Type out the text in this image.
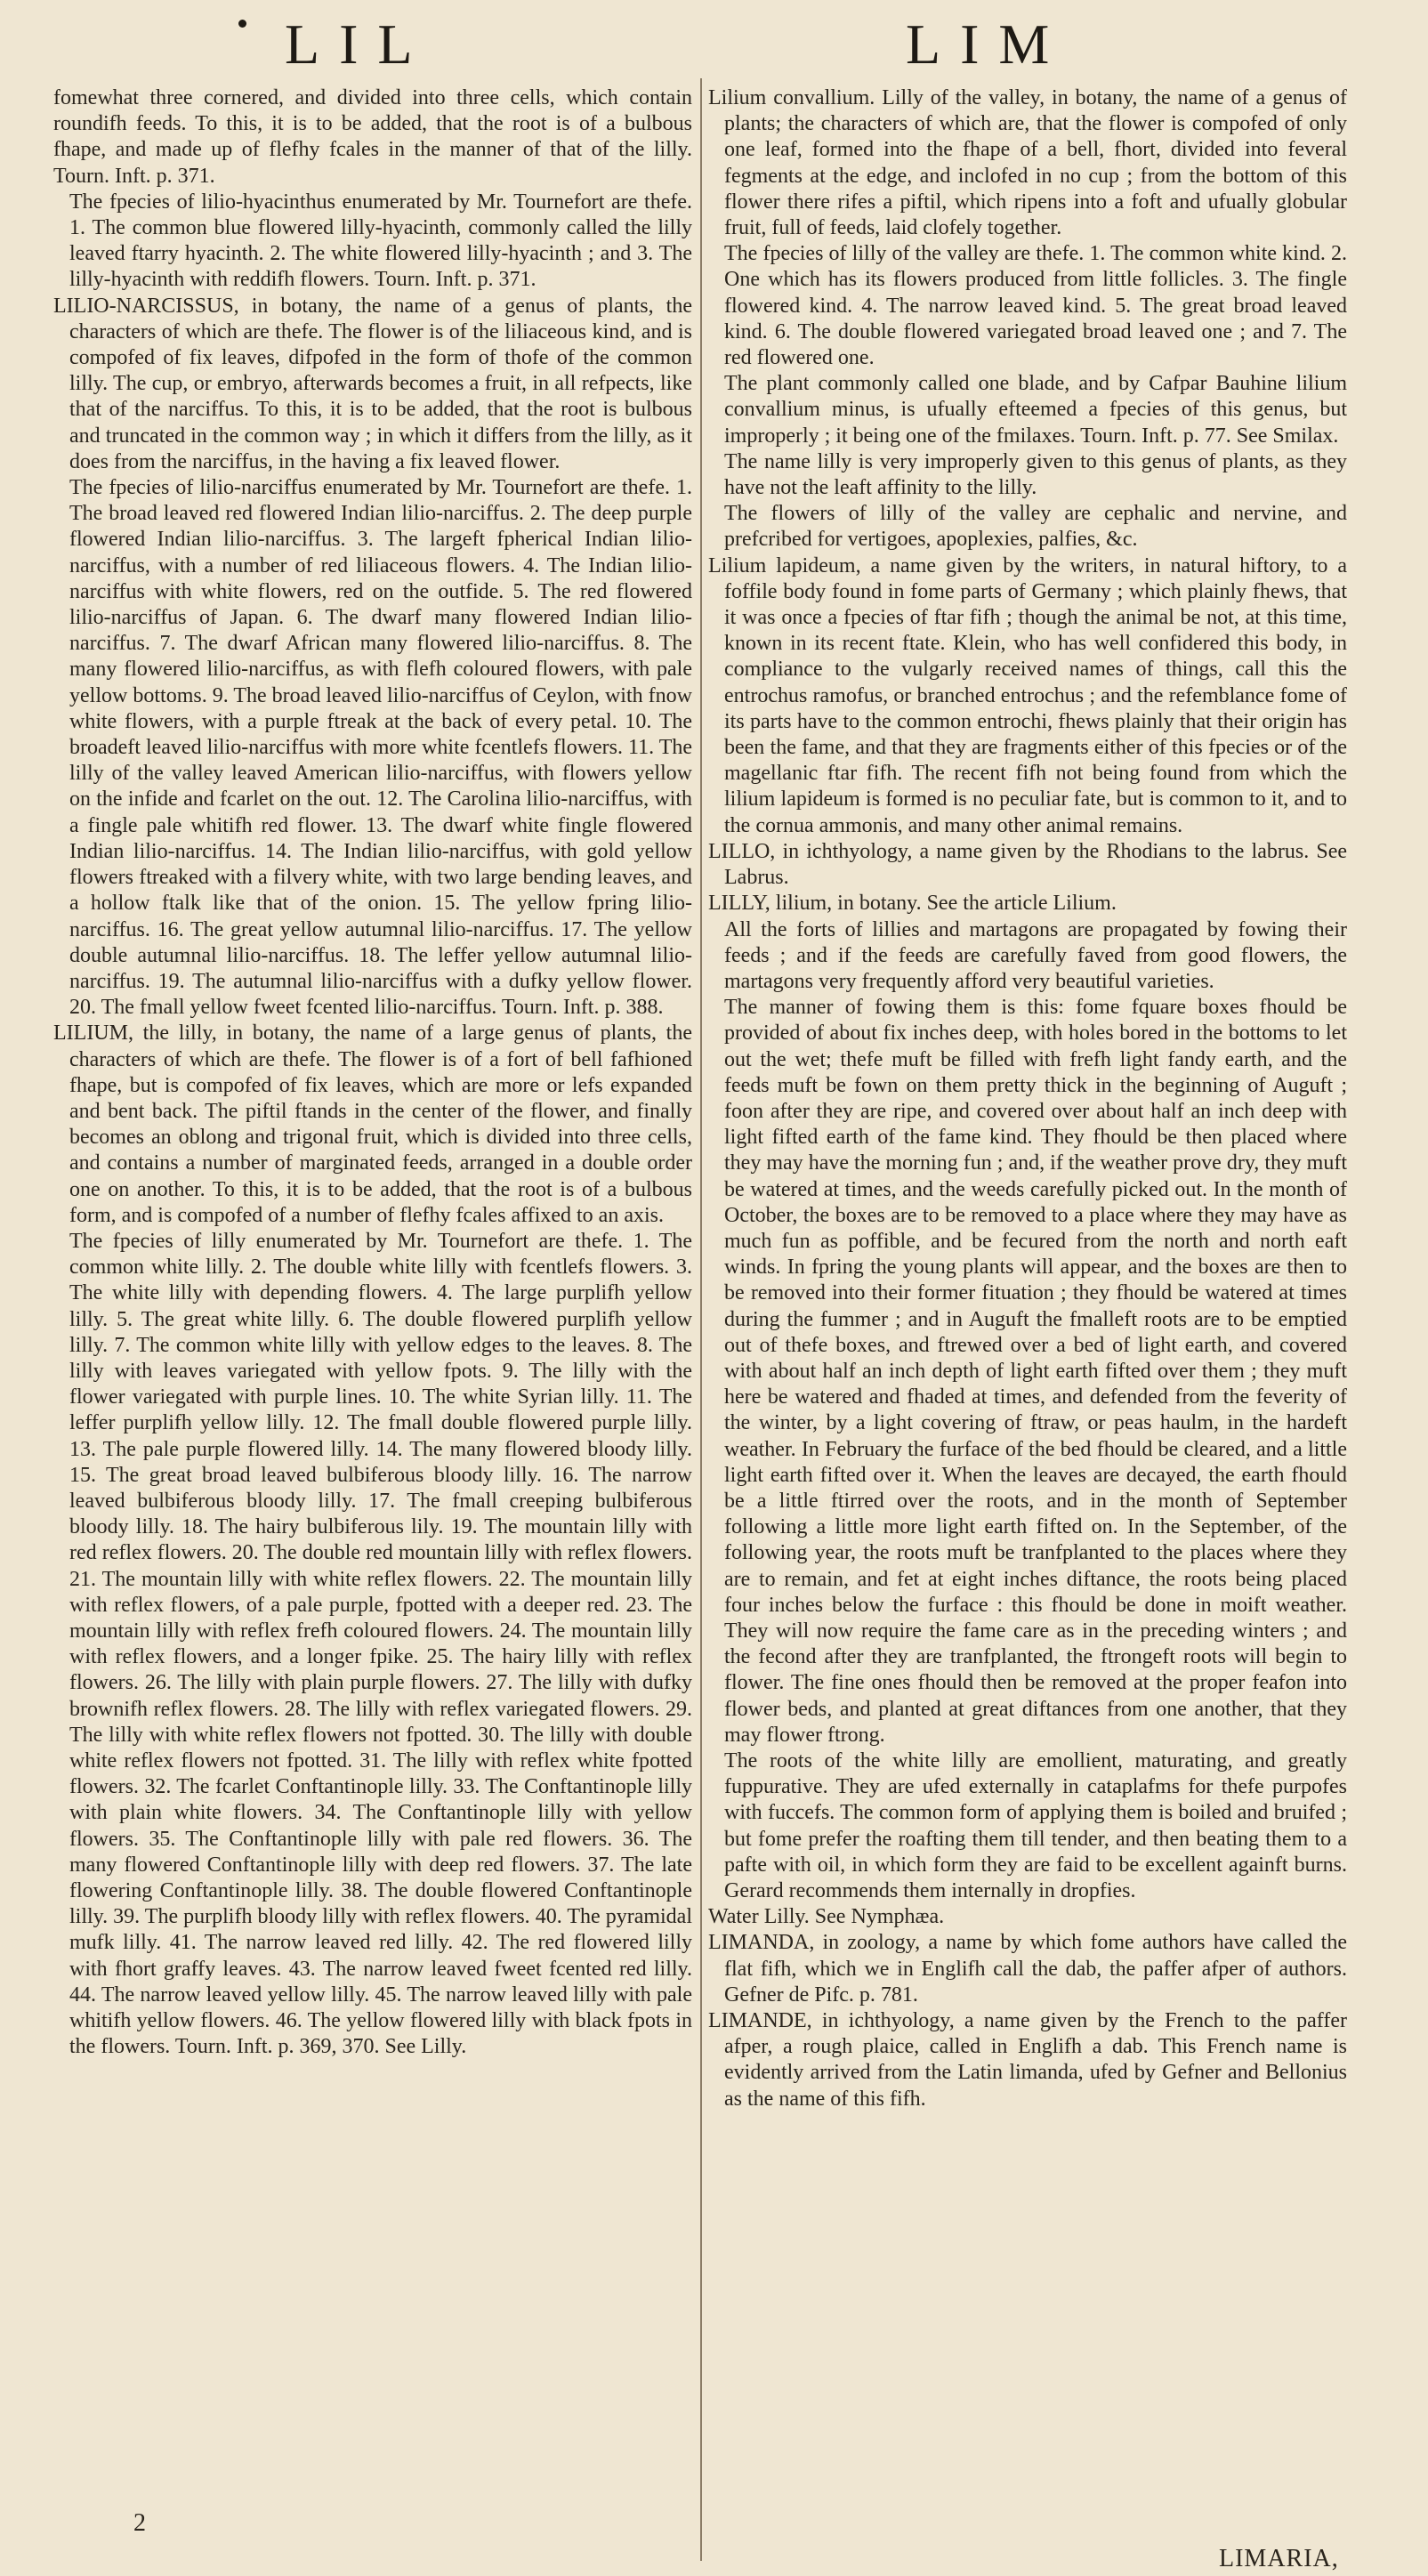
LIL	LIM

fomewhat three cornered, and divided into three cells, which contain roundifh feeds. To this, it is to be added, that the root is of a bulbous fhape, and made up of flefhy fcales in the manner of that of the lilly. Tourn. Inft. p. 371.

The fpecies of lilio-hyacinthus enumerated by Mr. Tournefort are thefe. 1. The common blue flowered lilly-hyacinth, commonly called the lilly leaved ftarry hyacinth. 2. The white flowered lilly-hyacinth ; and 3. The lilly-hyacinth with reddifh flowers. Tourn. Inft. p. 371.

LILIO-NARCISSUS, in botany, the name of a genus of plants, the characters of which are thefe. The flower is of the liliaceous kind, and is compofed of fix leaves, difpofed in the form of thofe of the common lilly. The cup, or embryo, afterwards becomes a fruit, in all refpects, like that of the narciffus. To this, it is to be added, that the root is bulbous and truncated in the common way ; in which it differs from the lilly, as it does from the narciffus, in the having a fix leaved flower.

The fpecies of lilio-narciffus enumerated by Mr. Tournefort are thefe. 1. The broad leaved red flowered Indian lilio-narciffus. 2. The deep purple flowered Indian lilio-narciffus. 3. The largeft fpherical Indian lilio-narciffus, with a number of red liliaceous flowers. 4. The Indian lilio-narciffus with white flowers, red on the outfide. 5. The red flowered lilio-narciffus of Japan. 6. The dwarf many flowered Indian lilio-narciffus. 7. The dwarf African many flowered lilio-narciffus. 8. The many flowered lilio-narciffus, as with flefh coloured flowers, with pale yellow bottoms. 9. The broad leaved lilio-narciffus of Ceylon, with fnow white flowers, with a purple ftreak at the back of every petal. 10. The broadeft leaved lilio-narciffus with more white fcentlefs flowers. 11. The lilly of the valley leaved American lilio-narciffus, with flowers yellow on the infide and fcarlet on the out. 12. The Carolina lilio-narciffus, with a fingle pale whitifh red flower. 13. The dwarf white fingle flowered Indian lilio-narciffus. 14. The Indian lilio-narciffus, with gold yellow flowers ftreaked with a filvery white, with two large bending leaves, and a hollow ftalk like that of the onion. 15. The yellow fpring lilio-narciffus. 16. The great yellow autumnal lilio-narciffus. 17. The yellow double autumnal lilio-narciffus. 18. The leffer yellow autumnal lilio-narciffus. 19. The autumnal lilio-narciffus with a dufky yellow flower. 20. The fmall yellow fweet fcented lilio-narciffus. Tourn. Inft. p. 388.

LILIUM, the lilly, in botany, the name of a large genus of plants, the characters of which are thefe. The flower is of a fort of bell fafhioned fhape, but is compofed of fix leaves, which are more or lefs expanded and bent back. The piftil ftands in the center of the flower, and finally becomes an oblong and trigonal fruit, which is divided into three cells, and contains a number of marginated feeds, arranged in a double order one on another. To this, it is to be added, that the root is of a bulbous form, and is compofed of a number of flefhy fcales affixed to an axis.

The fpecies of lilly enumerated by Mr. Tournefort are thefe. 1. The common white lilly. 2. The double white lilly with fcentlefs flowers. 3. The white lilly with depending flowers. 4. The large purplifh yellow lilly. 5. The great white lilly. 6. The double flowered purplifh yellow lilly. 7. The common white lilly with yellow edges to the leaves. 8. The lilly with leaves variegated with yellow fpots. 9. The lilly with the flower variegated with purple lines. 10. The white Syrian lilly. 11. The leffer purplifh yellow lilly. 12. The fmall double flowered purple lilly. 13. The pale purple flowered lilly. 14. The many flowered bloody lilly. 15. The great broad leaved bulbiferous bloody lilly. 16. The narrow leaved bulbiferous bloody lilly. 17. The fmall creeping bulbiferous bloody lilly. 18. The hairy bulbiferous lily. 19. The mountain lilly with red reflex flowers. 20. The double red mountain lilly with reflex flowers. 21. The mountain lilly with white reflex flowers. 22. The mountain lilly with reflex flowers, of a pale purple, fpotted with a deeper red. 23. The mountain lilly with reflex frefh coloured flowers. 24. The mountain lilly with reflex flowers, and a longer fpike. 25. The hairy lilly with reflex flowers. 26. The lilly with plain purple flowers. 27. The lilly with dufky brownifh reflex flowers. 28. The lilly with reflex variegated flowers. 29. The lilly with white reflex flowers not fpotted. 30. The lilly with double white reflex flowers not fpotted. 31. The lilly with reflex white fpotted flowers. 32. The fcarlet Conftantinople lilly. 33. The Conftantinople lilly with plain white flowers. 34. The Conftantinople lilly with yellow flowers. 35. The Conftantinople lilly with pale red flowers. 36. The many flowered Conftantinople lilly with deep red flowers. 37. The late flowering Conftantinople lilly. 38. The double flowered Conftantinople lilly. 39. The purplifh bloody lilly with reflex flowers. 40. The pyramidal mufk lilly. 41. The narrow leaved red lilly. 42. The red flowered lilly with fhort graffy leaves. 43. The narrow leaved fweet fcented red lilly. 44. The narrow leaved yellow lilly. 45. The narrow leaved lilly with pale whitifh yellow flowers. 46. The yellow flowered lilly with black fpots in the flowers. Tourn. Inft. p. 369, 370. See Lilly.

Lilium convallium. Lilly of the valley, in botany, the name of a genus of plants; the characters of which are, that the flower is compofed of only one leaf, formed into the fhape of a bell, fhort, divided into feveral fegments at the edge, and inclofed in no cup ; from the bottom of this flower there rifes a piftil, which ripens into a foft and ufually globular fruit, full of feeds, laid clofely together.

The fpecies of lilly of the valley are thefe. 1. The common white kind. 2. One which has its flowers produced from little follicles. 3. The fingle flowered kind. 4. The narrow leaved kind. 5. The great broad leaved kind. 6. The double flowered variegated broad leaved one ; and 7. The red flowered one.

The plant commonly called one blade, and by Cafpar Bauhine lilium convallium minus, is ufually efteemed a fpecies of this genus, but improperly ; it being one of the fmilaxes. Tourn. Inft. p. 77. See Smilax.

The name lilly is very improperly given to this genus of plants, as they have not the leaft affinity to the lilly.

The flowers of lilly of the valley are cephalic and nervine, and prefcribed for vertigoes, apoplexies, palfies, &c.

Lilium lapideum, a name given by the writers, in natural hiftory, to a foffile body found in fome parts of Germany ; which plainly fhews, that it was once a fpecies of ftar fifh ; though the animal be not, at this time, known in its recent ftate. Klein, who has well confidered this body, in compliance to the vulgarly received names of things, call this the entrochus ramofus, or branched entrochus ; and the refemblance fome of its parts have to the common entrochi, fhews plainly that their origin has been the fame, and that they are fragments either of this fpecies or of the magellanic ftar fifh. The recent fifh not being found from which the lilium lapideum is formed is no peculiar fate, but is common to it, and to the cornua ammonis, and many other animal remains.

LILLO, in ichthyology, a name given by the Rhodians to the labrus. See Labrus.

LILLY, lilium, in botany. See the article Lilium.

All the forts of lillies and martagons are propagated by fowing their feeds ; and if the feeds are carefully faved from good flowers, the martagons very frequently afford very beautiful varieties.

The manner of fowing them is this: fome fquare boxes fhould be provided of about fix inches deep, with holes bored in the bottoms to let out the wet; thefe muft be filled with frefh light fandy earth, and the feeds muft be fown on them pretty thick in the beginning of Auguft ; foon after they are ripe, and covered over about half an inch deep with light fifted earth of the fame kind. They fhould be then placed where they may have the morning fun ; and, if the weather prove dry, they muft be watered at times, and the weeds carefully picked out. In the month of October, the boxes are to be removed to a place where they may have as much fun as poffible, and be fecured from the north and north eaft winds. In fpring the young plants will appear, and the boxes are then to be removed into their former fituation ; they fhould be watered at times during the fummer ; and in Auguft the fmalleft roots are to be emptied out of thefe boxes, and ftrewed over a bed of light earth, and covered with about half an inch depth of light earth fifted over them ; they muft here be watered and fhaded at times, and defended from the feverity of the winter, by a light covering of ftraw, or peas haulm, in the hardeft weather. In February the furface of the bed fhould be cleared, and a little light earth fifted over it. When the leaves are decayed, the earth fhould be a little ftirred over the roots, and in the month of September following a little more light earth fifted on. In the September, of the following year, the roots muft be tranfplanted to the places where they are to remain, and fet at eight inches diftance, the roots being placed four inches below the furface : this fhould be done in moift weather. They will now require the fame care as in the preceding winters ; and the fecond after they are tranfplanted, the ftrongeft roots will begin to flower. The fine ones fhould then be removed at the proper feafon into flower beds, and planted at great diftances from one another, that they may flower ftrong.

The roots of the white lilly are emollient, maturating, and greatly fuppurative. They are ufed externally in cataplafms for thefe purpofes with fuccefs. The common form of applying them is boiled and bruifed ; but fome prefer the roafting them till tender, and then beating them to a pafte with oil, in which form they are faid to be excellent againft burns. Gerard recommends them internally in dropfies.

Water Lilly. See Nymphæa.

LIMANDA, in zoology, a name by which fome authors have called the flat fifh, which we in Englifh call the dab, the paffer afper of authors. Gefner de Pifc. p. 781.

LIMANDE, in ichthyology, a name given by the French to the paffer afper, a rough plaice, called in Englifh a dab. This French name is evidently arrived from the Latin limanda, ufed by Gefner and Bellonius as the name of this fifh.

2
LIMARIA,
